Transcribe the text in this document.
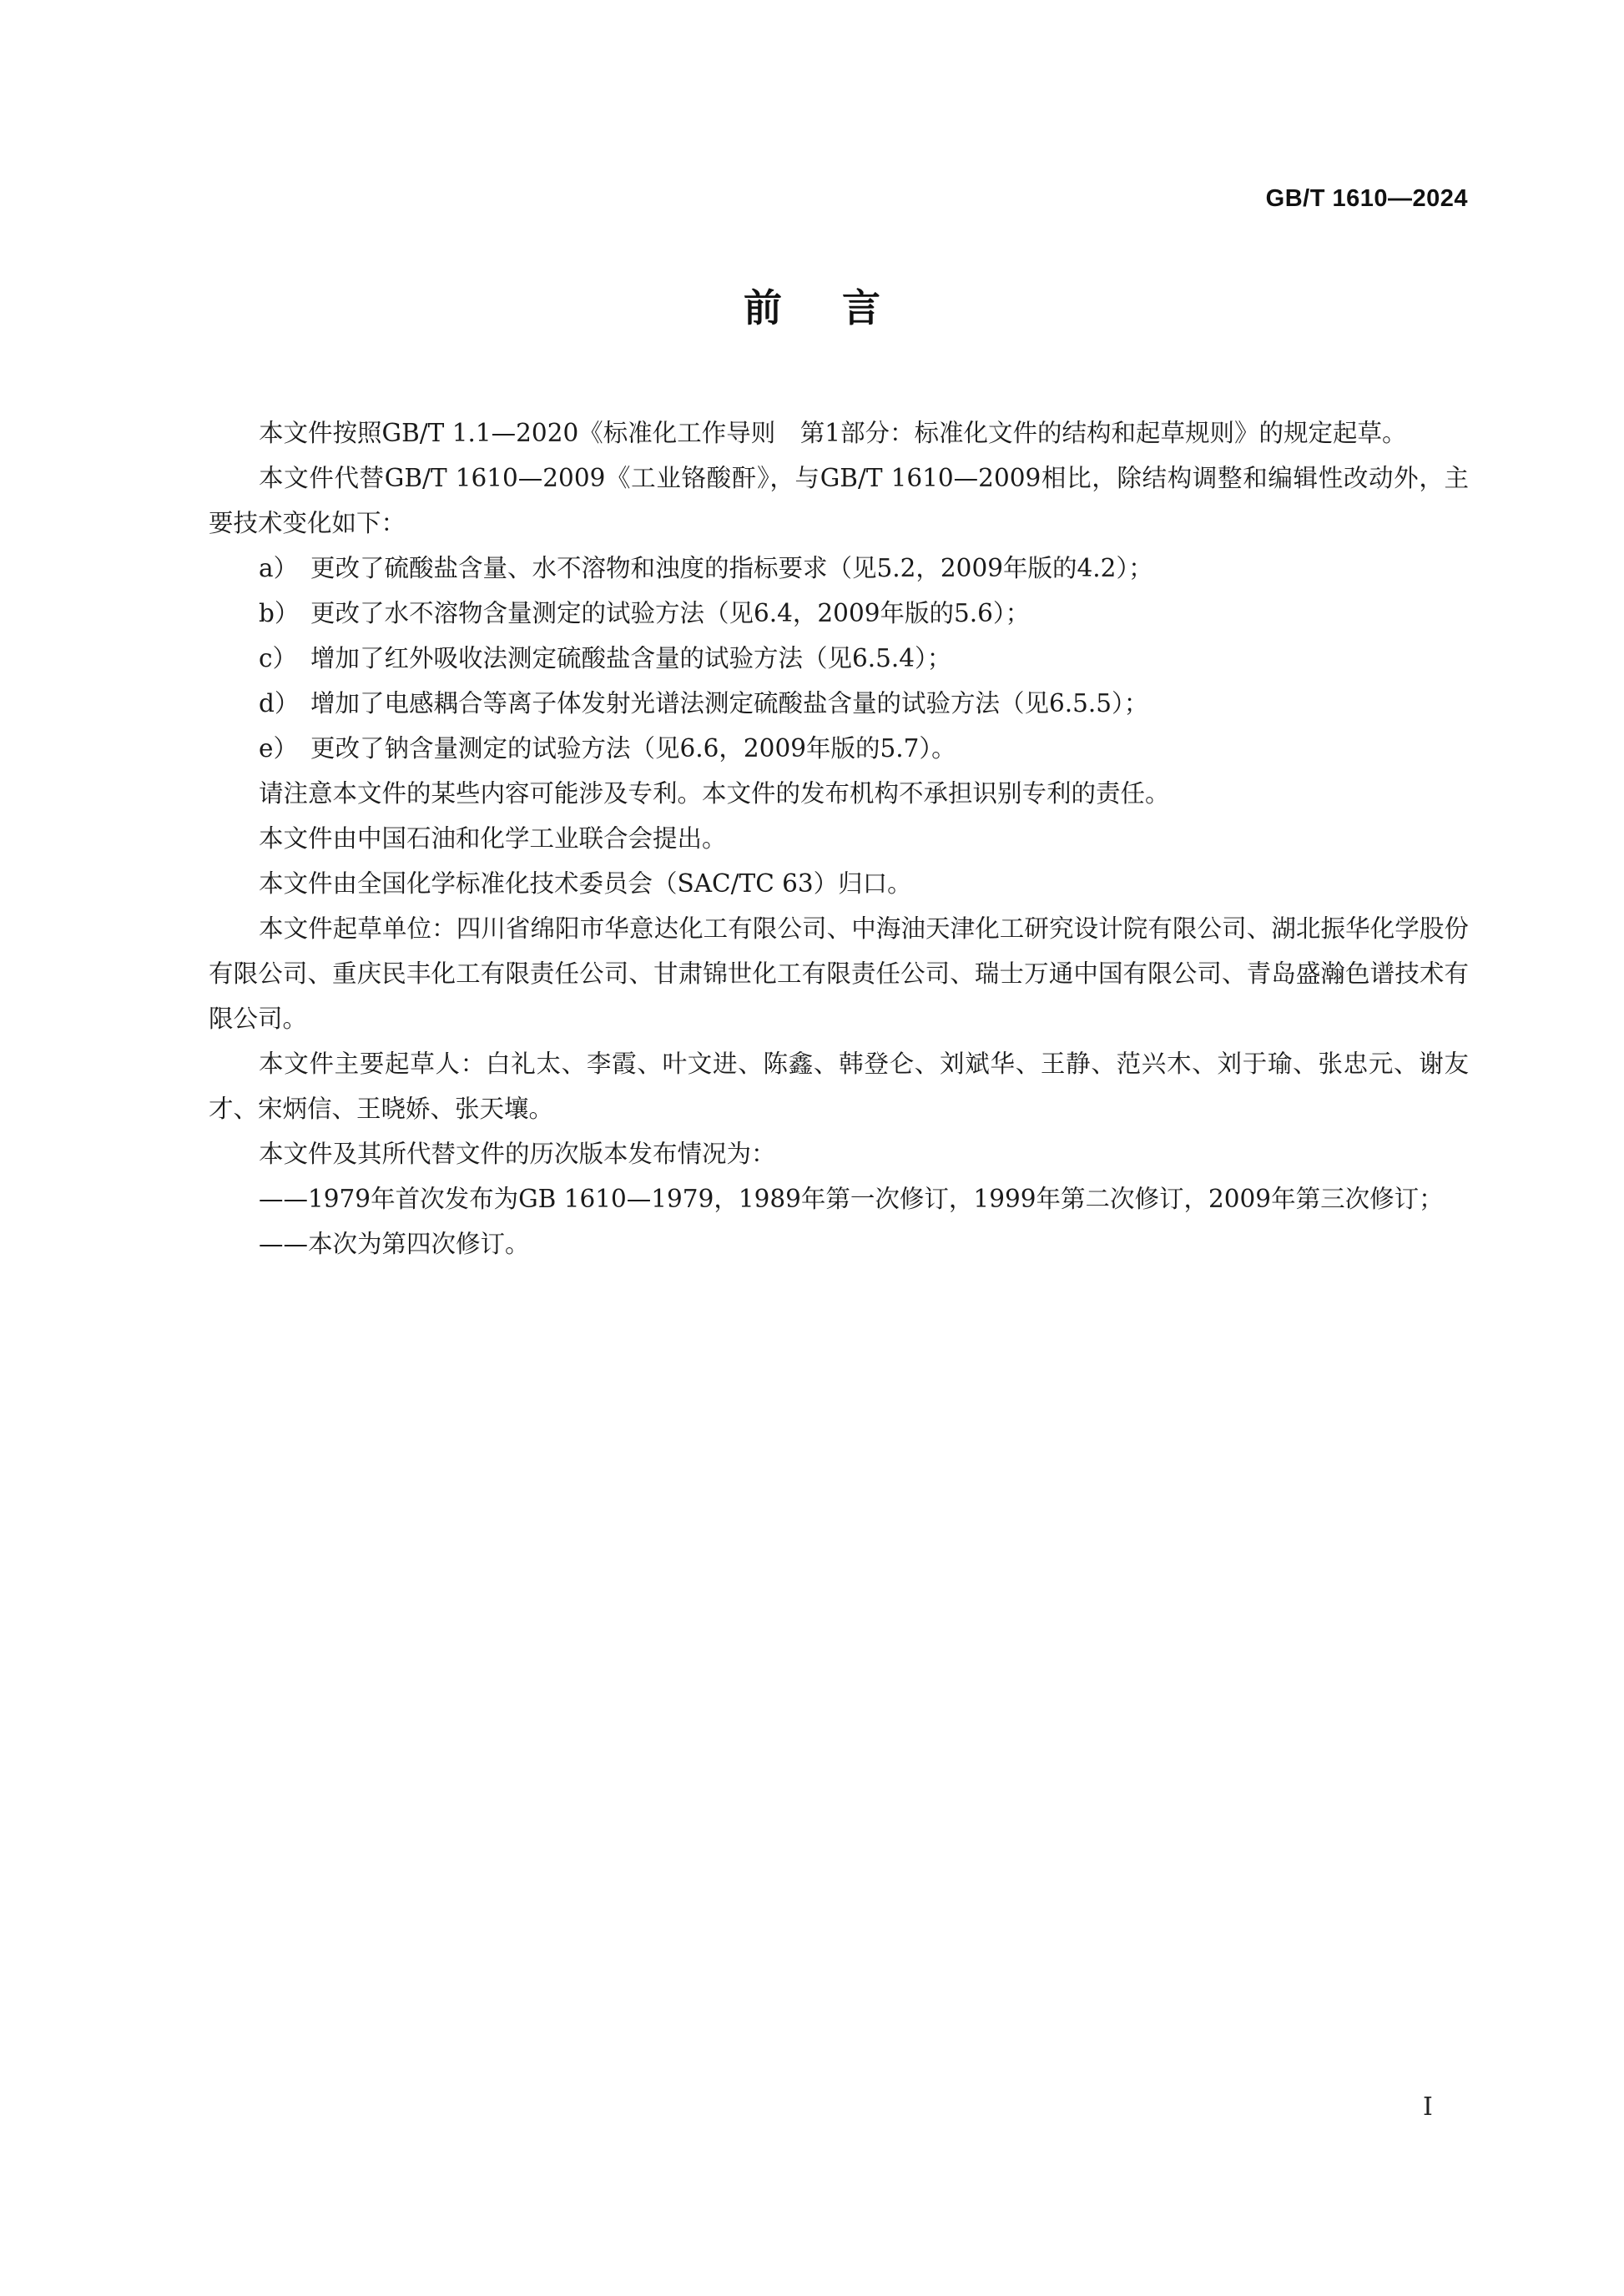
GB/T 1610—2024
前言

本文件按照GB/T 1.1—2020《标准化工作导则　第1部分：标准化文件的结构和起草规则》的规定起草。

本文件代替GB/T 1610—2009《工业铬酸酐》，与GB/T 1610—2009相比，除结构调整和编辑性改动外，主要技术变化如下：

a） 更改了硫酸盐含量、水不溶物和浊度的指标要求（见5.2，2009年版的4.2）；

b） 更改了水不溶物含量测定的试验方法（见6.4，2009年版的5.6）；

c） 增加了红外吸收法测定硫酸盐含量的试验方法（见6.5.4）；

d） 增加了电感耦合等离子体发射光谱法测定硫酸盐含量的试验方法（见6.5.5）；

e） 更改了钠含量测定的试验方法（见6.6，2009年版的5.7）。

请注意本文件的某些内容可能涉及专利。本文件的发布机构不承担识别专利的责任。

本文件由中国石油和化学工业联合会提出。

本文件由全国化学标准化技术委员会（SAC/TC 63）归口。

本文件起草单位：四川省绵阳市华意达化工有限公司、中海油天津化工研究设计院有限公司、湖北振华化学股份有限公司、重庆民丰化工有限责任公司、甘肃锦世化工有限责任公司、瑞士万通中国有限公司、青岛盛瀚色谱技术有限公司。

本文件主要起草人：白礼太、李霞、叶文进、陈鑫、韩登仑、刘斌华、王静、范兴木、刘于瑜、张忠元、谢友才、宋炳信、王晓娇、张天壤。

本文件及其所代替文件的历次版本发布情况为：

——1979年首次发布为GB 1610—1979，1989年第一次修订，1999年第二次修订，2009年第三次修订；

——本次为第四次修订。

Ⅰ
